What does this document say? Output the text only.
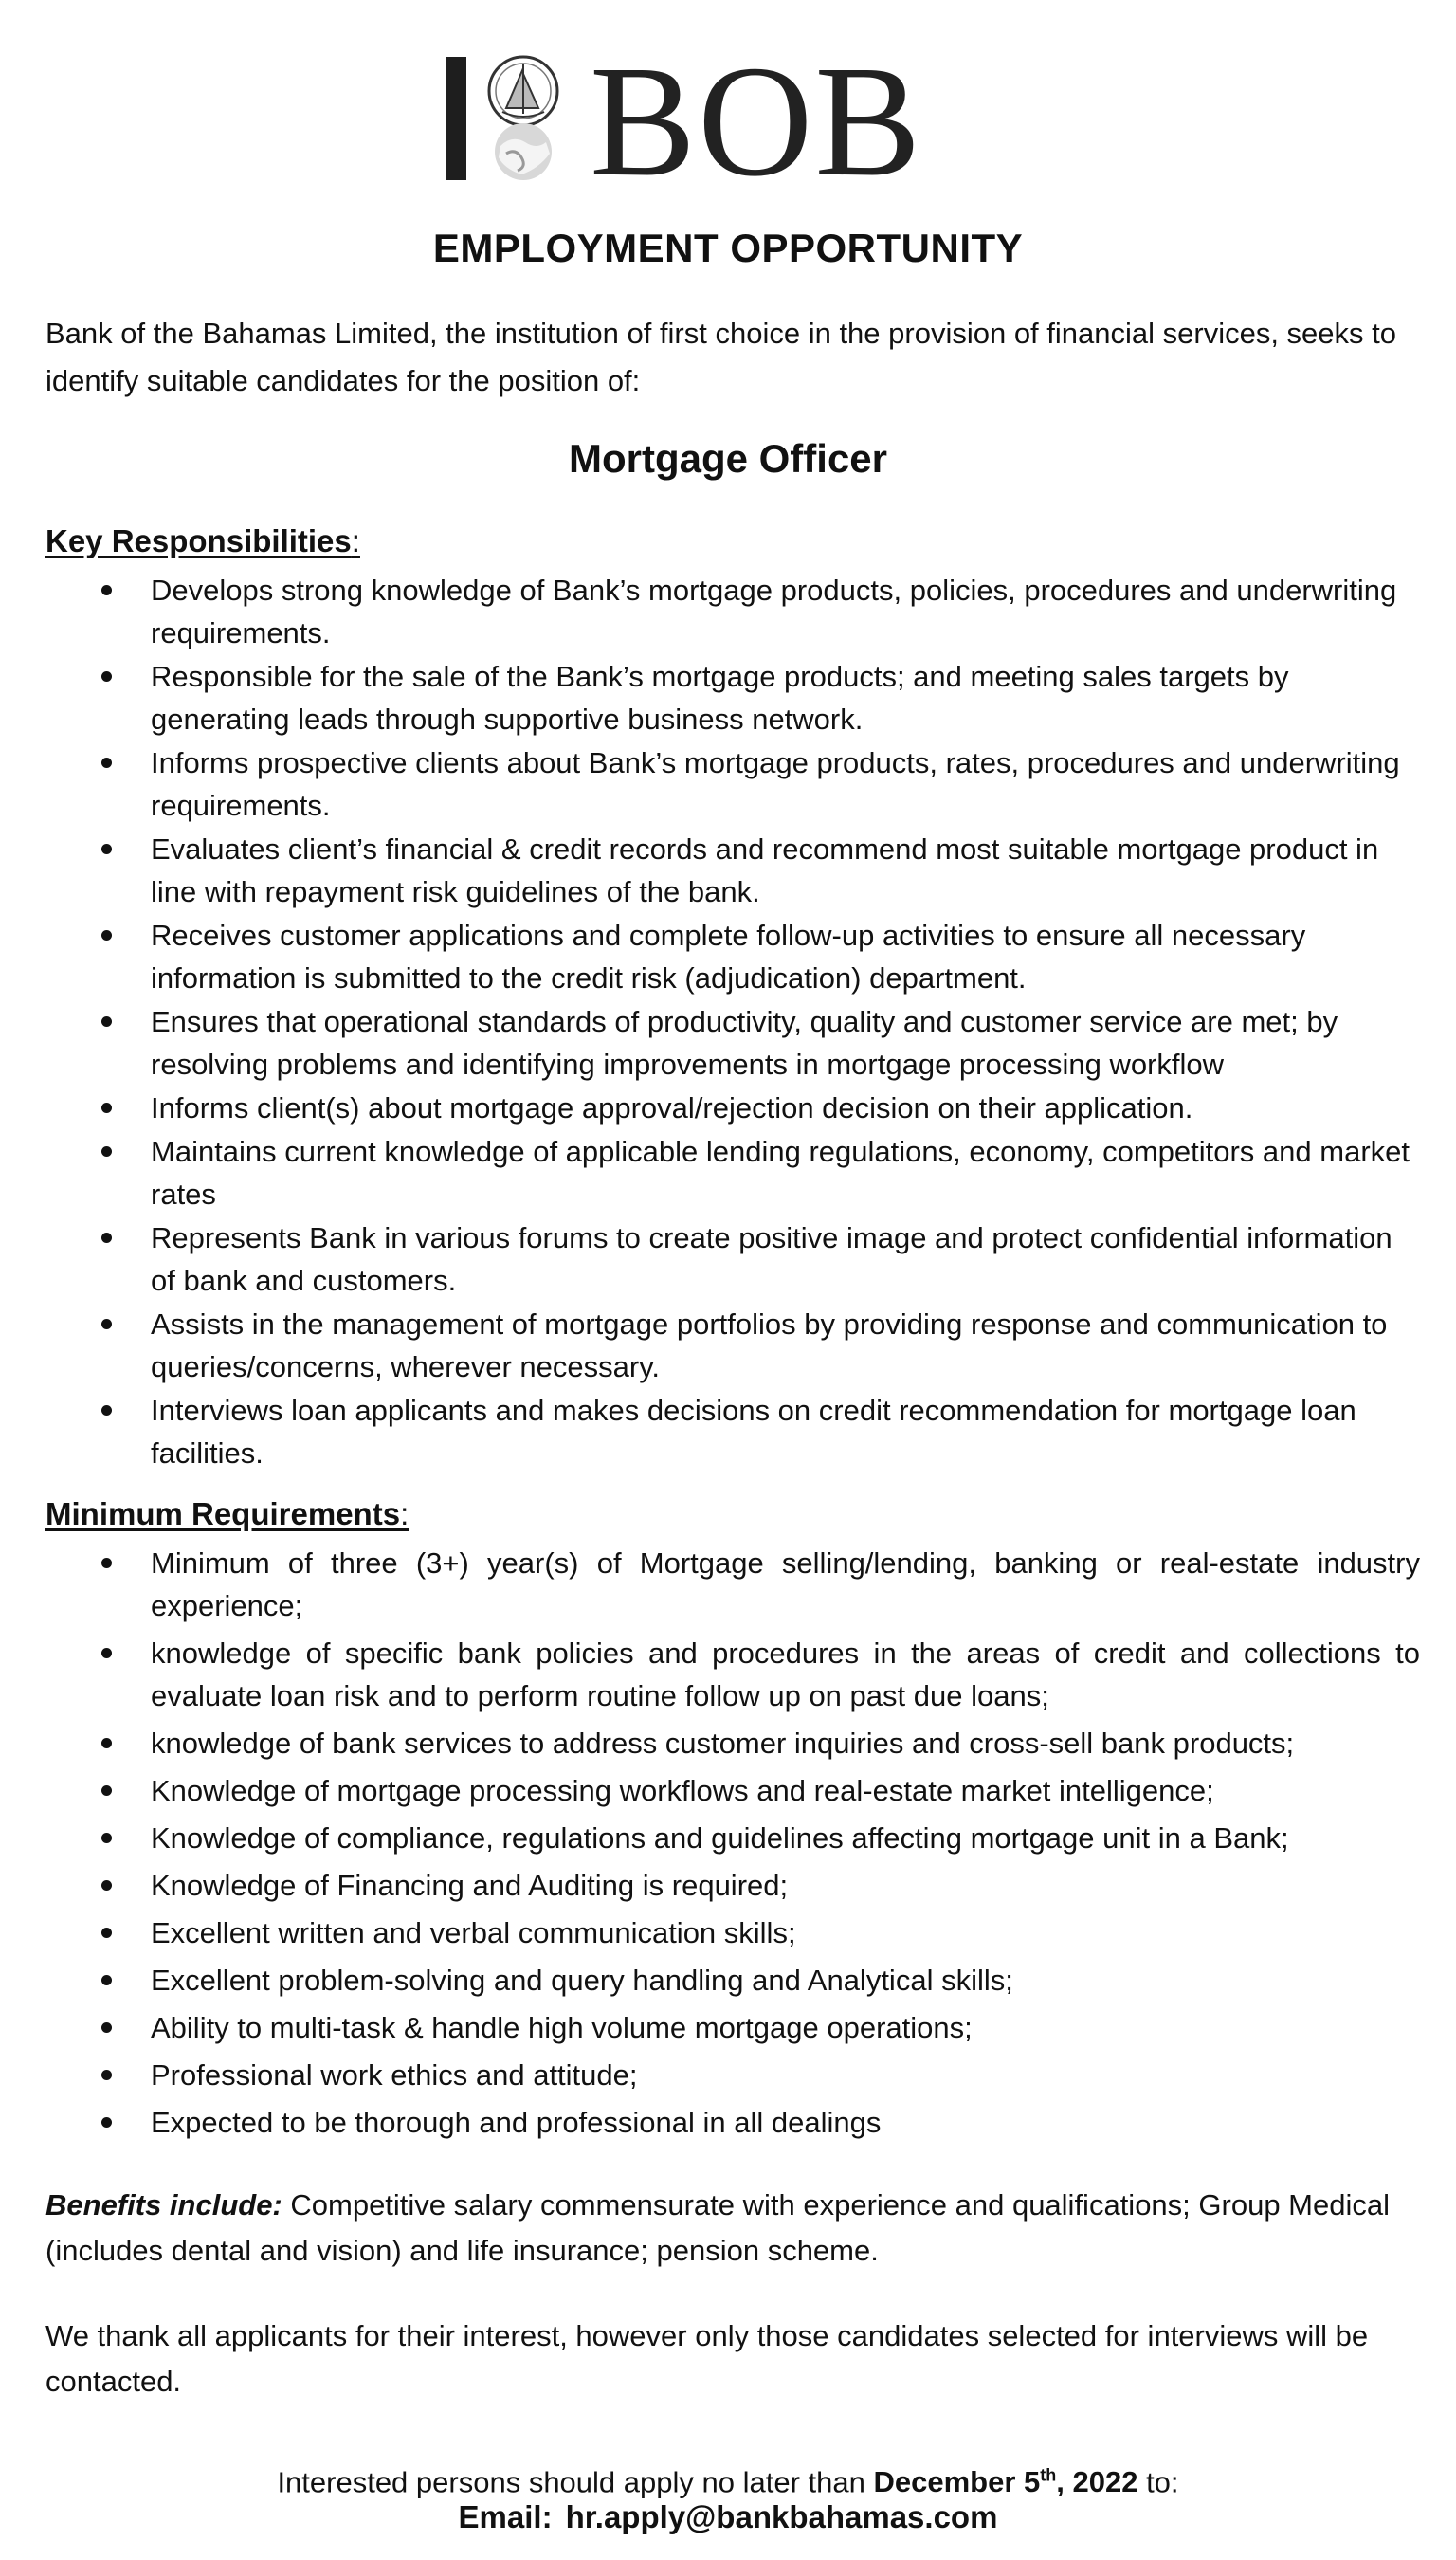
BOB
EMPLOYMENT OPPORTUNITY
Bank of the Bahamas Limited, the institution of first choice in the provision of financial services, seeks to identify suitable candidates for the position of:
Mortgage Officer
Key Responsibilities:
Develops strong knowledge of Bank’s mortgage products, policies, procedures and underwriting requirements.
Responsible for the sale of the Bank’s mortgage products; and meeting sales targets by generating leads through supportive business network.
Informs prospective clients about Bank’s mortgage products, rates, procedures and underwriting requirements.
Evaluates client’s financial & credit records and recommend most suitable mortgage product in line with repayment risk guidelines of the bank.
Receives customer applications and complete follow-up activities to ensure all necessary information is submitted to the credit risk (adjudication) department.
Ensures that operational standards of productivity, quality and customer service are met; by resolving problems and identifying improvements in mortgage processing workflow
Informs client(s) about mortgage approval/rejection decision on their application.
Maintains current knowledge of applicable lending regulations, economy, competitors and market rates
Represents Bank in various forums to create positive image and protect confidential information of bank and customers.
Assists in the management of mortgage portfolios by providing response and communication to queries/concerns, wherever necessary.
Interviews loan applicants and makes decisions on credit recommendation for mortgage loan facilities.
Minimum Requirements:
Minimum of three (3+) year(s) of Mortgage selling/lending, banking or real-estate industry experience;
knowledge of specific bank policies and procedures in the areas of credit and collections to evaluate loan risk and to perform routine follow up on past due loans;
knowledge of bank services to address customer inquiries and cross-sell bank products;
Knowledge of mortgage processing workflows and real-estate market intelligence;
Knowledge of compliance, regulations and guidelines affecting mortgage unit in a Bank;
Knowledge of Financing and Auditing is required;
Excellent written and verbal communication skills;
Excellent problem-solving and query handling and Analytical skills;
Ability to multi-task & handle high volume mortgage operations;
Professional work ethics and attitude;
Expected to be thorough and professional in all dealings
Benefits include: Competitive salary commensurate with experience and qualifications; Group Medical (includes dental and vision) and life insurance; pension scheme.
We thank all applicants for their interest, however only those candidates selected for interviews will be contacted.
Interested persons should apply no later than December 5th, 2022 to:
Email: hr.apply@bankbahamas.com
